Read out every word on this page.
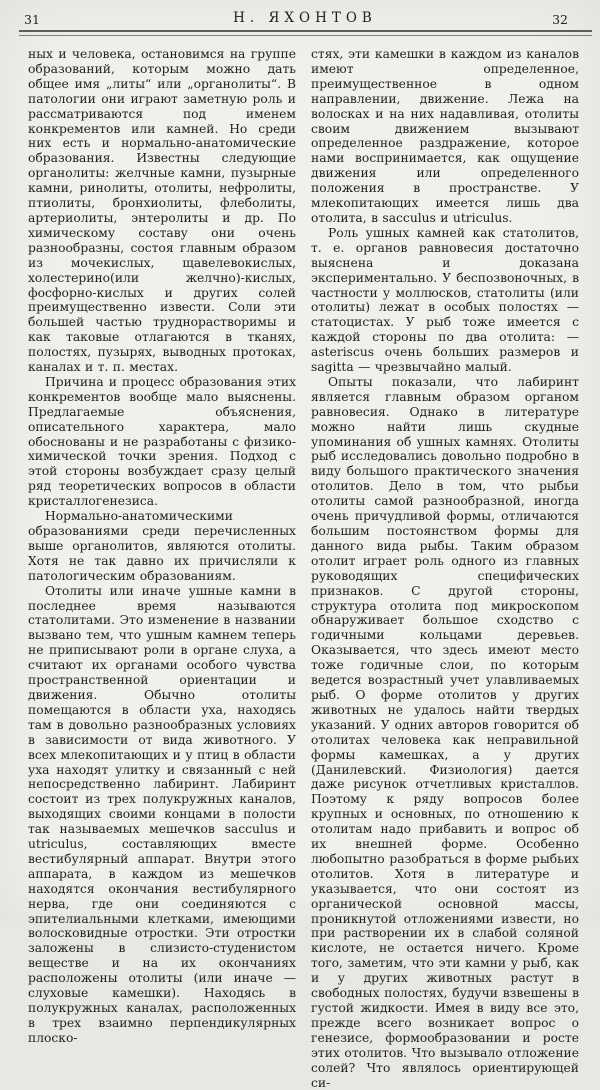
31	Н. ЯХОНТОВ	32

ных и человека, остановимся на группе образований, которым можно дать общее имя „литы“ или „органолиты“. В патологии они играют заметную роль и рассматриваются под именем конкрементов или камней. Но среди них есть и нормально-анатомические образования. Известны следующие органолиты: желчные камни, пузырные камни, ринолиты, отолиты, нефролиты, птиолиты, бронхиолиты, флеболиты, артериолиты, энтеролиты и др. По химическому составу они очень разнообразны, состоя главным образом из мочекислых, щавелевокислых, холестерино(или желчно)-кислых, фосфорно-кислых и других солей преимущественно извести. Соли эти большей частью труднорастворимы и как таковые отлагаются в тканях, полостях, пузырях, выводных протоках, каналах и т. п. местах.

Причина и процесс образования этих конкрементов вообще мало выяснены. Предлагаемые объяснения, описательного характера, мало обоснованы и не разработаны с физико-химической точки зрения. Подход с этой стороны возбуждает сразу целый ряд теоретических вопросов в области кристаллогенезиса.

Нормально-анатомическими образованиями среди перечисленных выше органолитов, являются отолиты. Хотя не так давно их причисляли к патологическим образованиям.

Отолиты или иначе ушные камни в последнее время называются статолитами. Это изменение в названии вызвано тем, что ушным камнем теперь не приписывают роли в органе слуха, а считают их органами особого чувства пространственной ориентации и движения. Обычно отолиты помещаются в области уха, находясь там в довольно разнообразных условиях в зависимости от вида животного. У всех млекопитающих и у птиц в области уха находят улитку и связанный с ней непосредственно лабиринт. Лабиринт состоит из трех полукружных каналов, выходящих своими концами в полости так называемых мешечков sacculus и utriculus, составляющих вместе вестибулярный аппарат. Внутри этого аппарата, в каждом из мешечков находятся окончания вестибулярного нерва, где они соединяются с эпителиальными клетками, имеющими волосковидные отростки. Эти отростки заложены в слизисто-студенистом веществе и на их окончаниях расположены отолиты (или иначе — слуховые камешки). Находясь в полукружных каналах, расположенных в трех взаимно перпендикулярных плоско-

стях, эти камешки в каждом из каналов имеют определенное, преимущественное в одном направлении, движение. Лежа на волосках и на них надавливая, отолиты своим движением вызывают определенное раздражение, которое нами воспринимается, как ощущение движения или определенного положения в пространстве. У млекопитающих имеется лишь два отолита, в sacculus и utriculus.

Роль ушных камней как статолитов, т. е. органов равновесия достаточно выяснена и доказана экспериментально. У беспозвоночных, в частности у моллюсков, статолиты (или отолиты) лежат в особых полостях — статоцистах. У рыб тоже имеется с каждой стороны по два отолита: — asteriscus очень больших размеров и sagitta — чрезвычайно малый.

Опыты показали, что лабиринт является главным образом органом равновесия. Однако в литературе можно найти лишь скудные упоминания об ушных камнях. Отолиты рыб исследовались довольно подробно в виду большого практического значения отолитов. Дело в том, что рыбьи отолиты самой разнообразной, иногда очень причудливой формы, отличаются большим постоянством формы для данного вида рыбы. Таким образом отолит играет роль одного из главных руководящих специфических признаков. С другой стороны, структура отолита под микроскопом обнаруживает большое сходство с годичными кольцами деревьев. Оказывается, что здесь имеют место тоже годичные слои, по которым ведется возрастный учет улавливаемых рыб. О форме отолитов у других животных не удалось найти твердых указаний. У одних авторов говорится об отолитах человека как неправильной формы камешках, а у других (Данилевский. Физиология) дается даже рисунок отчетливых кристаллов. Поэтому к ряду вопросов более крупных и основных, по отношению к отолитам надо прибавить и вопрос об их внешней форме. Особенно любопытно разобраться в форме рыбьих отолитов. Хотя в литературе и указывается, что они состоят из органической основной массы, проникнутой отложениями извести, но при растворении их в слабой соляной кислоте, не остается ничего. Кроме того, заметим, что эти камни у рыб, как и у других животных растут в свободных полостях, будучи взвешены в густой жидкости. Имея в виду все это, прежде всего возникает вопрос о генезисе, формообразовании и росте этих отолитов. Что вызывало отложение солей? Что являлось ориентирующей си-
